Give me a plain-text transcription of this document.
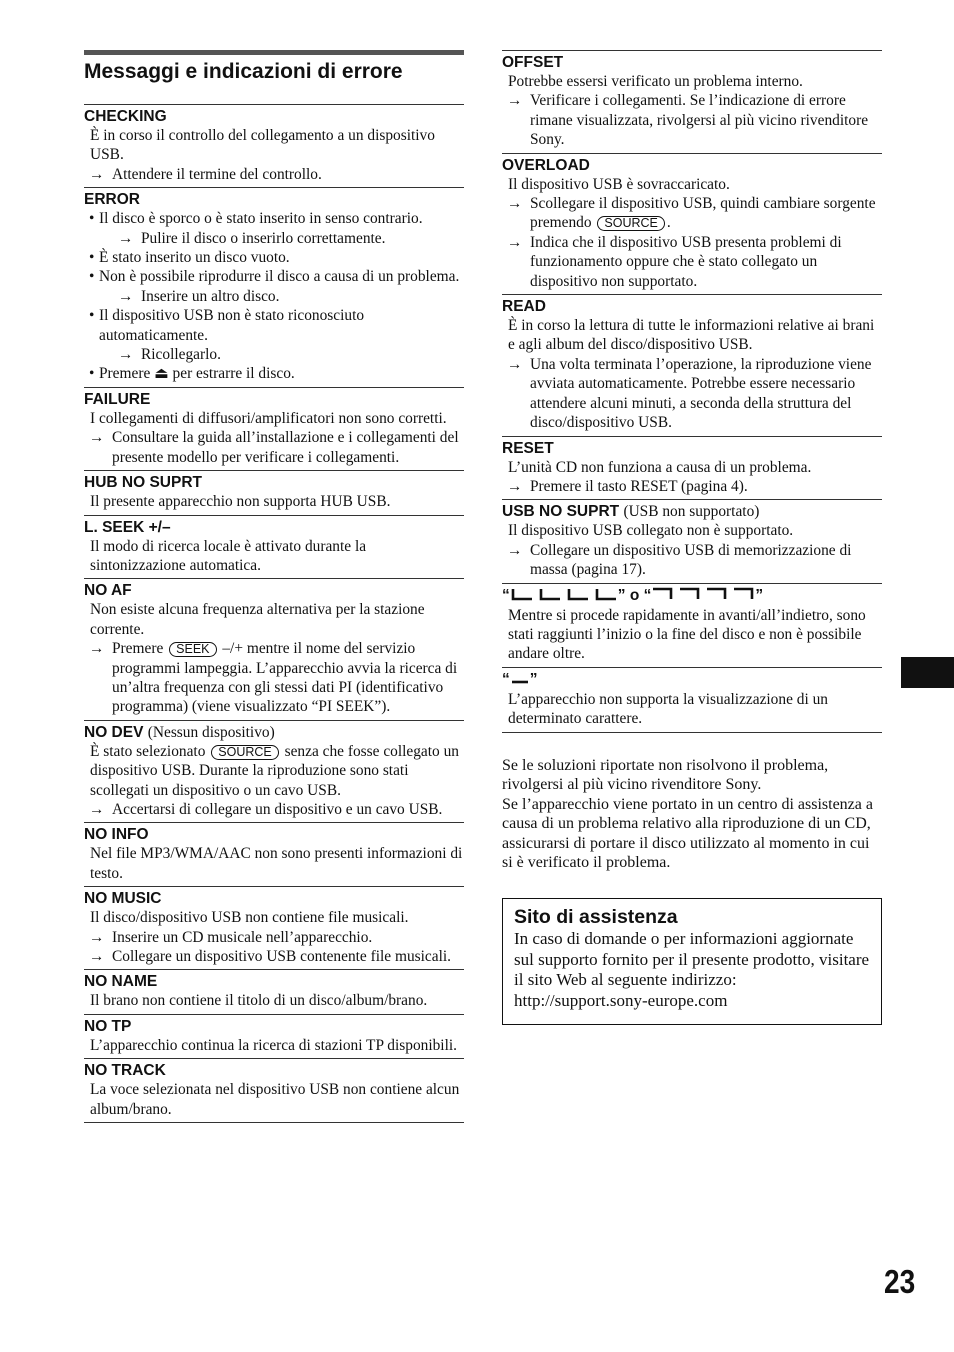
Messaggi e indicazioni di errore
CHECKING
È in corso il controllo del collegamento a un dispositivo USB.
→ Attendere il termine del controllo.
ERROR
• Il disco è sporco o è stato inserito in senso contrario.
→ Pulire il disco o inserirlo correttamente.
• È stato inserito un disco vuoto.
• Non è possibile riprodurre il disco a causa di un problema.
→ Inserire un altro disco.
• Il dispositivo USB non è stato riconosciuto automaticamente.
→ Ricollegarlo.
• Premere ⏏ per estrarre il disco.
FAILURE
I collegamenti di diffusori/amplificatori non sono corretti.
→ Consultare la guida all’installazione e i collegamenti del presente modello per verificare i collegamenti.
HUB NO SUPRT
Il presente apparecchio non supporta HUB USB.
L. SEEK +/–
Il modo di ricerca locale è attivato durante la sintonizzazione automatica.
NO AF
Non esiste alcuna frequenza alternativa per la stazione corrente.
→ Premere SEEK –/+ mentre il nome del servizio programmi lampeggia. L’apparecchio avvia la ricerca di un’altra frequenza con gli stessi dati PI (identificativo programma) (viene visualizzato “PI SEEK”).
NO DEV (Nessun dispositivo)
È stato selezionato SOURCE senza che fosse collegato un dispositivo USB. Durante la riproduzione sono stati scollegati un dispositivo o un cavo USB.
→ Accertarsi di collegare un dispositivo e un cavo USB.
NO INFO
Nel file MP3/WMA/AAC non sono presenti informazioni di testo.
NO MUSIC
Il disco/dispositivo USB non contiene file musicali.
→ Inserire un CD musicale nell’apparecchio.
→ Collegare un dispositivo USB contenente file musicali.
NO NAME
Il brano non contiene il titolo di un disco/album/brano.
NO TP
L’apparecchio continua la ricerca di stazioni TP disponibili.
NO TRACK
La voce selezionata nel dispositivo USB non contiene alcun album/brano.
OFFSET
Potrebbe essersi verificato un problema interno.
→ Verificare i collegamenti. Se l’indicazione di errore rimane visualizzata, rivolgersi al più vicino rivenditore Sony.
OVERLOAD
Il dispositivo USB è sovraccaricato.
→ Scollegare il dispositivo USB, quindi cambiare sorgente premendo SOURCE .
→ Indica che il dispositivo USB presenta problemi di funzionamento oppure che è stato collegato un dispositivo non supportato.
READ
È in corso la lettura di tutte le informazioni relative ai brani e agli album del disco/dispositivo USB.
→ Una volta terminata l’operazione, la riproduzione viene avviata automaticamente. Potrebbe essere necessario attendere alcuni minuti, a seconda della struttura del disco/dispositivo USB.
RESET
L’unità CD non funziona a causa di un problema.
→ Premere il tasto RESET (pagina 4).
USB NO SUPRT (USB non supportato)
Il dispositivo USB collegato non è supportato.
→ Collegare un dispositivo USB di memorizzazione di massa (pagina 17).
“	” o “	”
Mentre si procede rapidamente in avanti/all’indietro, sono stati raggiunti l’inizio o la fine del disco e non è possibile andare oltre.
“ ”
L’apparecchio non supporta la visualizzazione di un determinato carattere.
Se le soluzioni riportate non risolvono il problema, rivolgersi al più vicino rivenditore Sony.
Se l’apparecchio viene portato in un centro di assistenza a causa di un problema relativo alla riproduzione di un CD, assicurarsi di portare il disco utilizzato al momento in cui si è verificato il problema.
Sito di assistenza
In caso di domande o per informazioni aggiornate sul supporto fornito per il presente prodotto, visitare il sito Web al seguente indirizzo: http://support.sony-europe.com
23
